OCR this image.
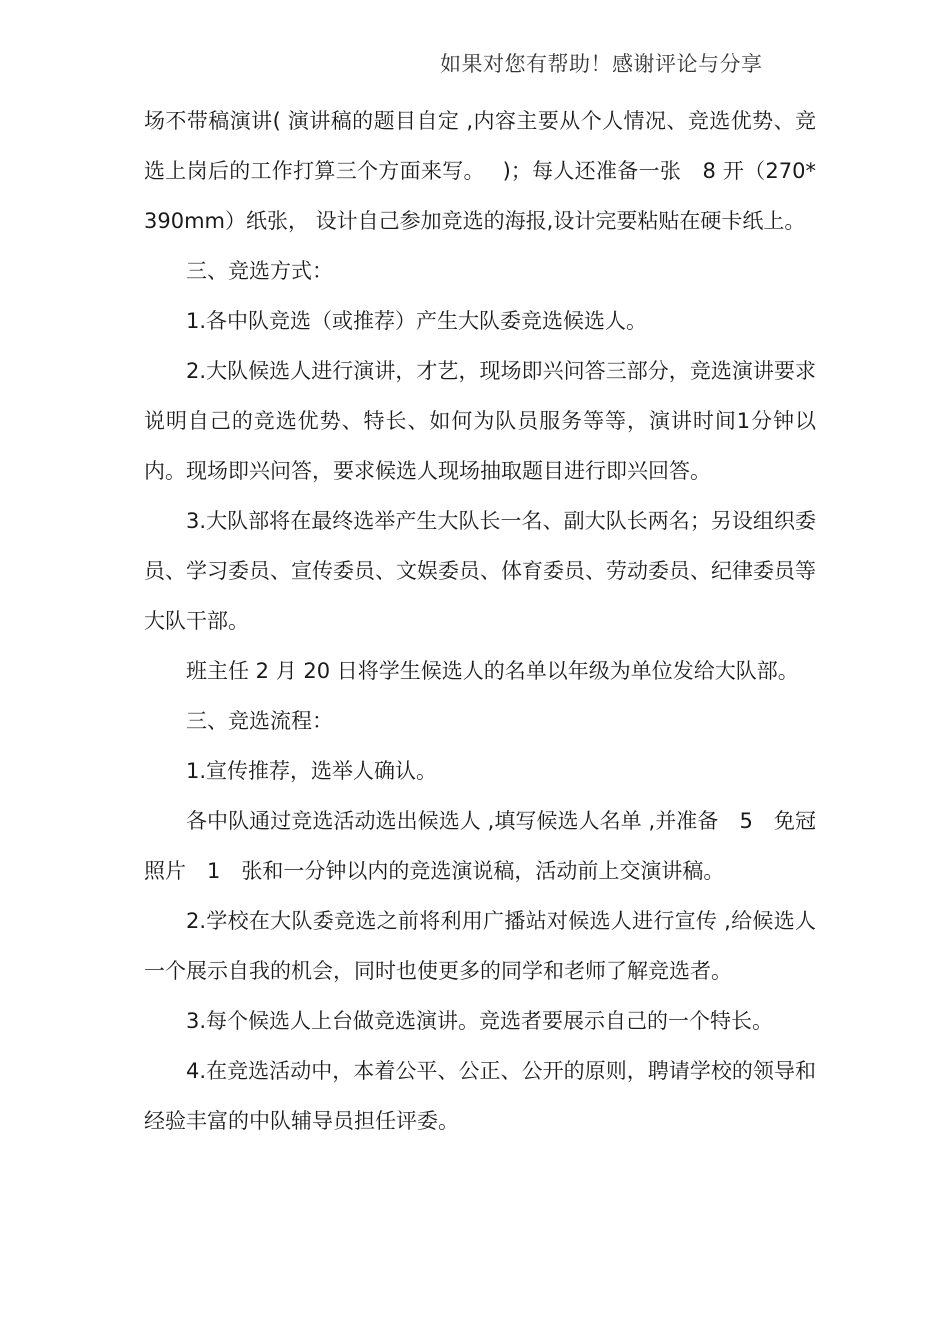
如果对您有帮助！感谢评论与分享

场不带稿演讲( 演讲稿的题目自定 ,内容主要从个人情况、竞选优势、竞选上岗后的工作打算三个方面来写。　 )；每人还准备一张　8 开（270*390mm）纸张， 设计自己参加竞选的海报,设计完要粘贴在硬卡纸上。

三、竞选方式：

1.各中队竞选（或推荐）产生大队委竞选候选人。

2.大队候选人进行演讲，才艺，现场即兴问答三部分，竞选演讲要求说明自己的竞选优势、特长、如何为队员服务等等，演讲时间1分钟以内。现场即兴问答，要求候选人现场抽取题目进行即兴回答。

3.大队部将在最终选举产生大队长一名、副大队长两名；另设组织委员、学习委员、宣传委员、文娱委员、体育委员、劳动委员、纪律委员等大队干部。

班主任 2 月 20 日将学生候选人的名单以年级为单位发给大队部。

三、竞选流程：

1.宣传推荐，选举人确认。

各中队通过竞选活动选出候选人 ,填写候选人名单 ,并准备　5　免冠照片　1　张和一分钟以内的竞选演说稿，活动前上交演讲稿。

2.学校在大队委竞选之前将利用广播站对候选人进行宣传 ,给候选人一个展示自我的机会，同时也使更多的同学和老师了解竞选者。

3.每个候选人上台做竞选演讲。竞选者要展示自己的一个特长。

4.在竞选活动中，本着公平、公正、公开的原则，聘请学校的领导和经验丰富的中队辅导员担任评委。
